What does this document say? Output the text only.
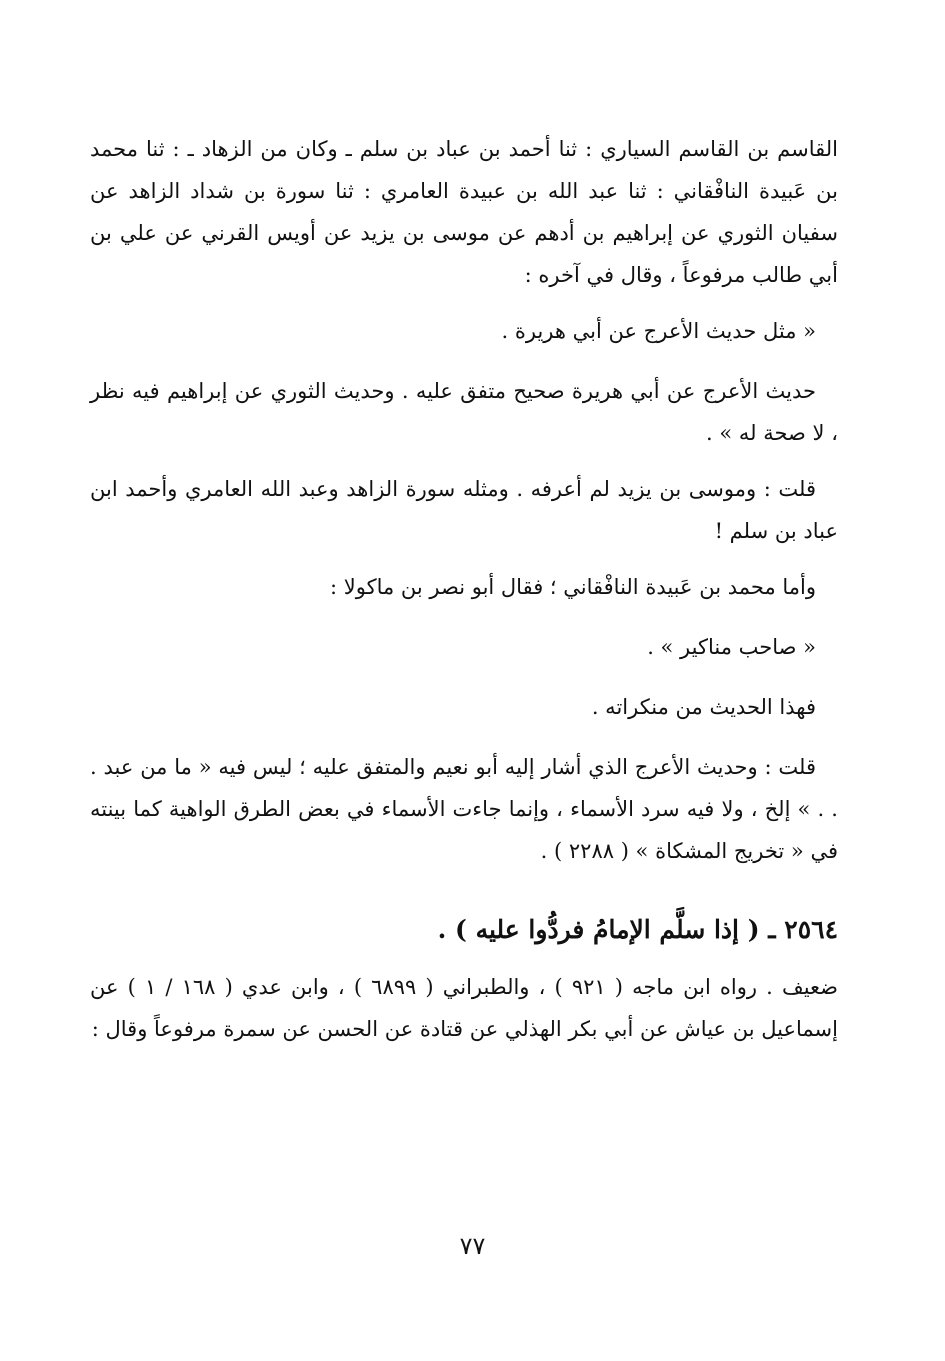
القاسم بن القاسم السياري : ثنا أحمد بن عباد بن سلم ـ وكان من الزهاد ـ : ثنا محمد بن عَبيدة النافْقاني : ثنا عبد الله بن عبيدة العامري : ثنا سورة بن شداد الزاهد عن سفيان الثوري عن إبراهيم بن أدهم عن موسى بن يزيد عن أويس القرني عن علي بن أبي طالب مرفوعاً ، وقال في آخره :

« مثل حديث الأعرج عن أبي هريرة .

حديث الأعرج عن أبي هريرة صحيح متفق عليه . وحديث الثوري عن إبراهيم فيه نظر ، لا صحة له » .

قلت : وموسى بن يزيد لم أعرفه . ومثله سورة الزاهد وعبد الله العامري وأحمد ابن عباد بن سلم !

وأما محمد بن عَبيدة النافْقاني ؛ فقال أبو نصر بن ماكولا :

« صاحب مناكير » .

فهذا الحديث من منكراته .

قلت : وحديث الأعرج الذي أشار إليه أبو نعيم والمتفق عليه ؛ ليس فيه « ما من عبد . . . » إلخ ، ولا فيه سرد الأسماء ، وإنما جاءت الأسماء في بعض الطرق الواهية كما بينته في « تخريج المشكاة » ( ٢٢٨٨ ) .

٢٥٦٤ ـ ( إذا سلَّم الإمامُ فردُّوا عليه ) .

ضعيف . رواه ابن ماجه ( ٩٢١ ) ، والطبراني ( ٦٨٩٩ ) ، وابن عدي ( ١٦٨ / ١ ) عن إسماعيل بن عياش عن أبي بكر الهذلي عن قتادة عن الحسن عن سمرة مرفوعاً وقال :

٧٧
